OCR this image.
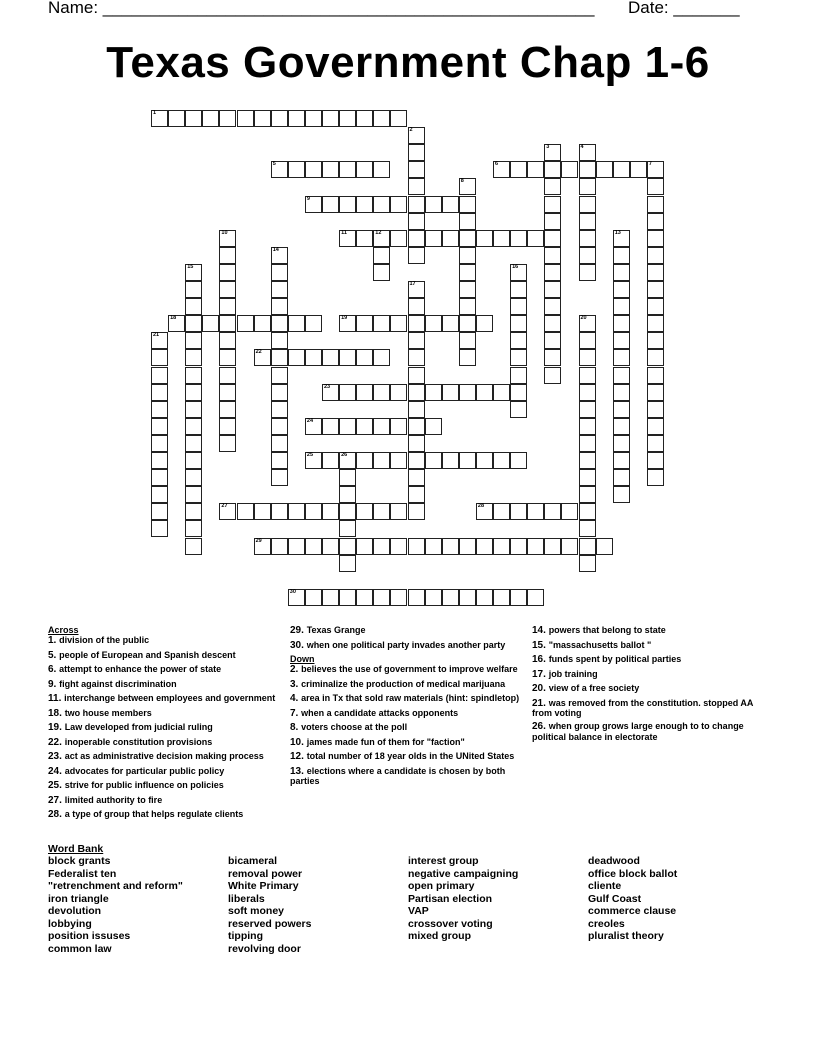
Name: ____________________________________________________ Date: _______
Texas Government Chap 1-6
1
2
3	4
5	6	7
8
9
10	11	12	13
14
15	16
17
18	19	20
21
22
23
24
25	26
27	28
29
30
Across
1. division of the public
5. people of European and Spanish descent
6. attempt to enhance the power of state
9. fight against discrimination
11. interchange between employees and government
18. two house members
19. Law developed from judicial ruling
22. inoperable constitution provisions
23. act as administrative decision making process
24. advocates for particular public policy
25. strive for public influence on policies
27. limited authority to fire
28. a type of group that helps regulate clients
29. Texas Grange
30. when one political party invades another party
Down
2. believes the use of government to improve welfare
3. criminalize the production of medical marijuana
4. area in Tx that sold raw materials (hint: spindletop)
7. when a candidate attacks opponents
8. voters choose at the poll
10. james made fun of them for "faction"
12. total number of 18 year olds in the UNited States
13. elections where a candidate is chosen by both parties
14. powers that belong to state
15. "massachusetts ballot "
16. funds spent by political parties
17. job training
20. view of a free society
21. was removed from the constitution. stopped AA from voting
26. when group grows large enough to to change political balance in electorate
Word Bank
block grants
Federalist ten
"retrenchment and reform"
iron triangle
devolution
lobbying
position issuses
common law
bicameral
removal power
White Primary
liberals
soft money
reserved powers
tipping
revolving door
interest group
negative campaigning
open primary
Partisan election
VAP
crossover voting
mixed group
deadwood
office block ballot
cliente
Gulf Coast
commerce clause
creoles
pluralist theory
